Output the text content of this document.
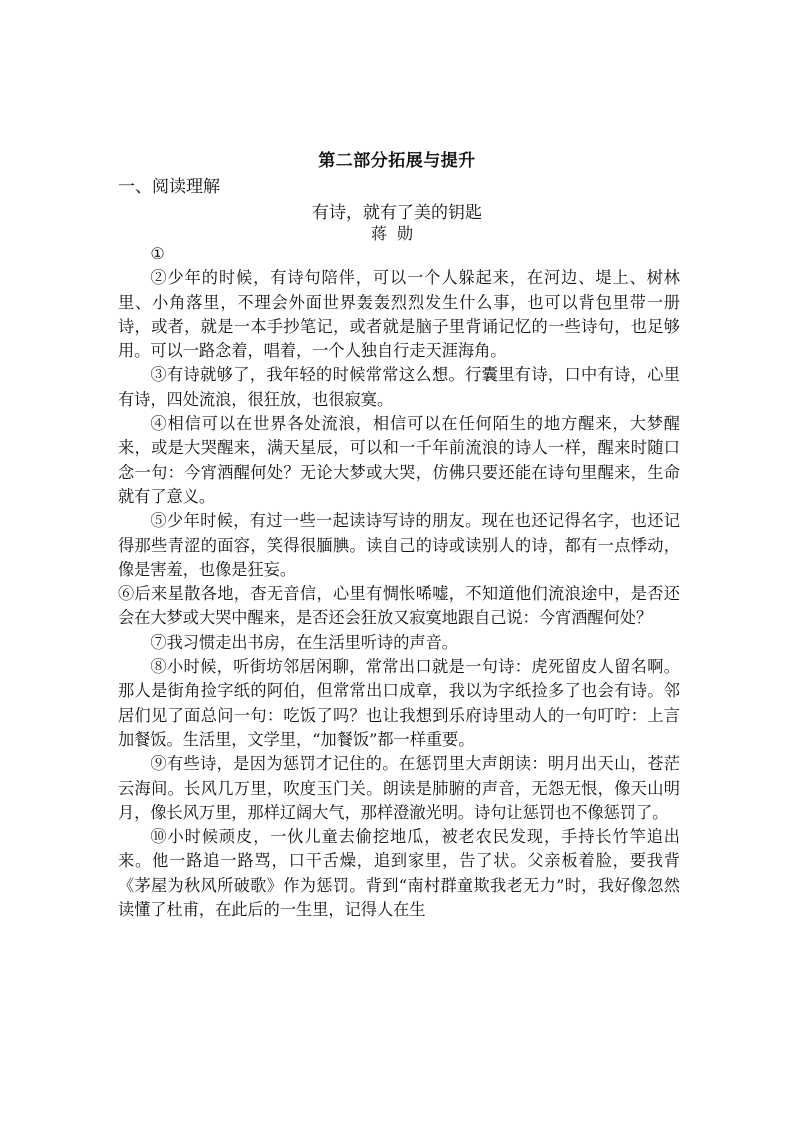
第二部分拓展与提升
一、阅读理解
有诗，就有了美的钥匙
蒋勋

①

②少年的时候，有诗句陪伴，可以一个人躲起来，在河边、堤上、树林里、小角落里，不理会外面世界轰轰烈烈发生什么事，也可以背包里带一册诗，或者，就是一本手抄笔记，或者就是脑子里背诵记忆的一些诗句，也足够用。可以一路念着，唱着，一个人独自行走天涯海角。

③有诗就够了，我年轻的时候常常这么想。行囊里有诗，口中有诗，心里有诗，四处流浪，很狂放，也很寂寞。

④相信可以在世界各处流浪，相信可以在任何陌生的地方醒来，大梦醒来，或是大哭醒来，满天星辰，可以和一千年前流浪的诗人一样，醒来时随口念一句：今宵酒醒何处？无论大梦或大哭，仿佛只要还能在诗句里醒来，生命就有了意义。

⑤少年时候，有过一些一起读诗写诗的朋友。现在也还记得名字，也还记得那些青涩的面容，笑得很腼腆。读自己的诗或读别人的诗，都有一点悸动，像是害羞，也像是狂妄。

⑥后来星散各地，杳无音信，心里有惆怅唏嘘，不知道他们流浪途中，是否还会在大梦或大哭中醒来，是否还会狂放又寂寞地跟自己说：今宵酒醒何处？

⑦我习惯走出书房，在生活里听诗的声音。

⑧小时候，听街坊邻居闲聊，常常出口就是一句诗：虎死留皮人留名啊。那人是街角捡字纸的阿伯，但常常出口成章，我以为字纸捡多了也会有诗。邻居们见了面总问一句：吃饭了吗？也让我想到乐府诗里动人的一句叮咛：上言加餐饭。生活里，文学里，“加餐饭”都一样重要。

⑨有些诗，是因为惩罚才记住的。在惩罚里大声朗读：明月出天山，苍茫云海间。长风几万里，吹度玉门关。朗读是肺腑的声音，无怨无恨，像天山明月，像长风万里，那样辽阔大气，那样澄澈光明。诗句让惩罚也不像惩罚了。

⑩小时候顽皮，一伙儿童去偷挖地瓜，被老农民发现，手持长竹竿追出来。他一路追一路骂，口干舌燥，追到家里，告了状。父亲板着脸，要我背《茅屋为秋风所破歌》作为惩罚。背到“南村群童欺我老无力”时，我好像忽然读懂了杜甫，在此后的一生里，记得人在生
